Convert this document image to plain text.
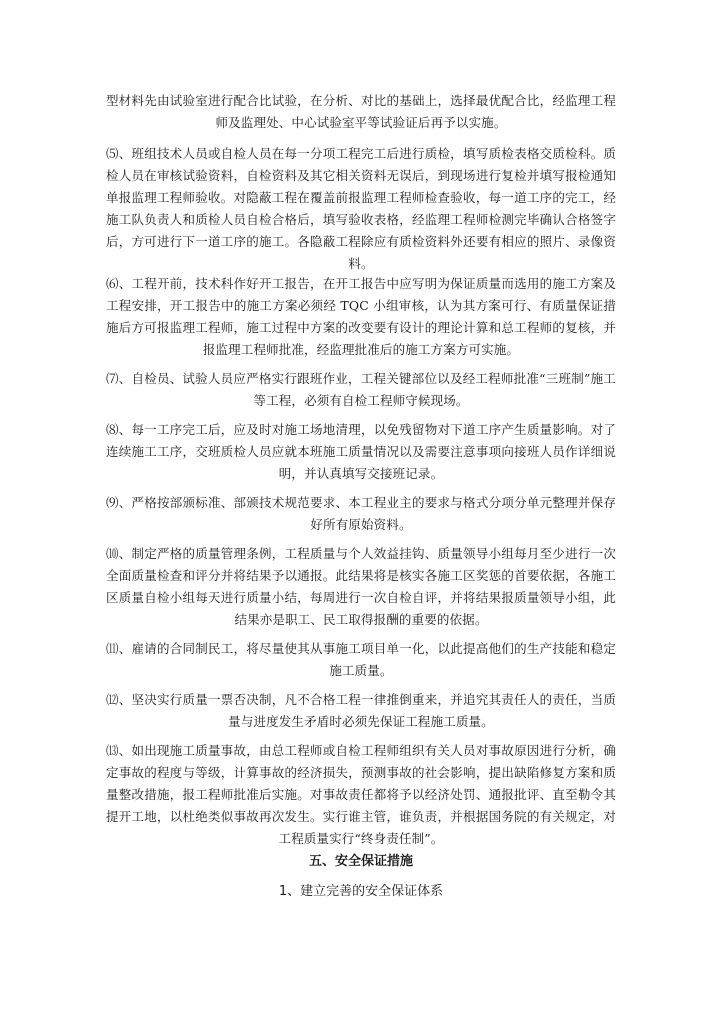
型材料先由试验室进行配合比试验，在分析、对比的基础上，选择最优配合比，经监理工程师及监理处、中心试验室平等试验证后再予以实施。

⑸、班组技术人员或自检人员在每一分项工程完工后进行质检，填写质检表格交质检科。质检人员在审核试验资料，自检资料及其它相关资料无误后，到现场进行复检并填写报检通知单报监理工程师验收。对隐蔽工程在覆盖前报监理工程师检查验收，每一道工序的完工，经施工队负责人和质检人员自检合格后，填写验收表格，经监理工程师检测完毕确认合格签字后，方可进行下一道工序的施工。各隐蔽工程除应有质检资料外还要有相应的照片、录像资料。

⑹、工程开前，技术科作好开工报告，在开工报告中应写明为保证质量而选用的施工方案及工程安排，开工报告中的施工方案必须经 TQC 小组审核，认为其方案可行、有质量保证措施后方可报监理工程师，施工过程中方案的改变要有设计的理论计算和总工程师的复核，并报监理工程师批准，经监理批准后的施工方案方可实施。

⑺、自检员、试验人员应严格实行跟班作业，工程关键部位以及经工程师批准“三班制”施工等工程，必须有自检工程师守候现场。

⑻、每一工序完工后，应及时对施工场地清理，以免残留物对下道工序产生质量影响。对了连续施工工序，交班质检人员应就本班施工质量情况以及需要注意事项向接班人员作详细说明，并认真填写交接班记录。

⑼、严格按部颁标准、部颁技术规范要求、本工程业主的要求与格式分项分单元整理并保存好所有原始资料。

⑽、制定严格的质量管理条例，工程质量与个人效益挂钩、质量领导小组每月至少进行一次全面质量检查和评分并将结果予以通报。此结果将是核实各施工区奖惩的首要依据，各施工区质量自检小组每天进行质量小结，每周进行一次自检自评，并将结果报质量领导小组，此结果亦是职工、民工取得报酬的重要的依据。

⑾、雇请的合同制民工，将尽量使其从事施工项目单一化，以此提高他们的生产技能和稳定施工质量。

⑿、坚决实行质量一票否决制，凡不合格工程一律推倒重来，并追究其责任人的责任，当质量与进度发生矛盾时必须先保证工程施工质量。

⒀、如出现施工质量事故，由总工程师或自检工程师组织有关人员对事故原因进行分析，确定事故的程度与等级，计算事故的经济损失，预测事故的社会影响，提出缺陷修复方案和质量整改措施，报工程师批准后实施。对事故责任都将予以经济处罚、通报批评、直至勒令其提开工地，以杜绝类似事故再次发生。实行谁主管，谁负责，并根据国务院的有关规定，对工程质量实行“终身责任制”。

五、安全保证措施
1、建立完善的安全保证体系
